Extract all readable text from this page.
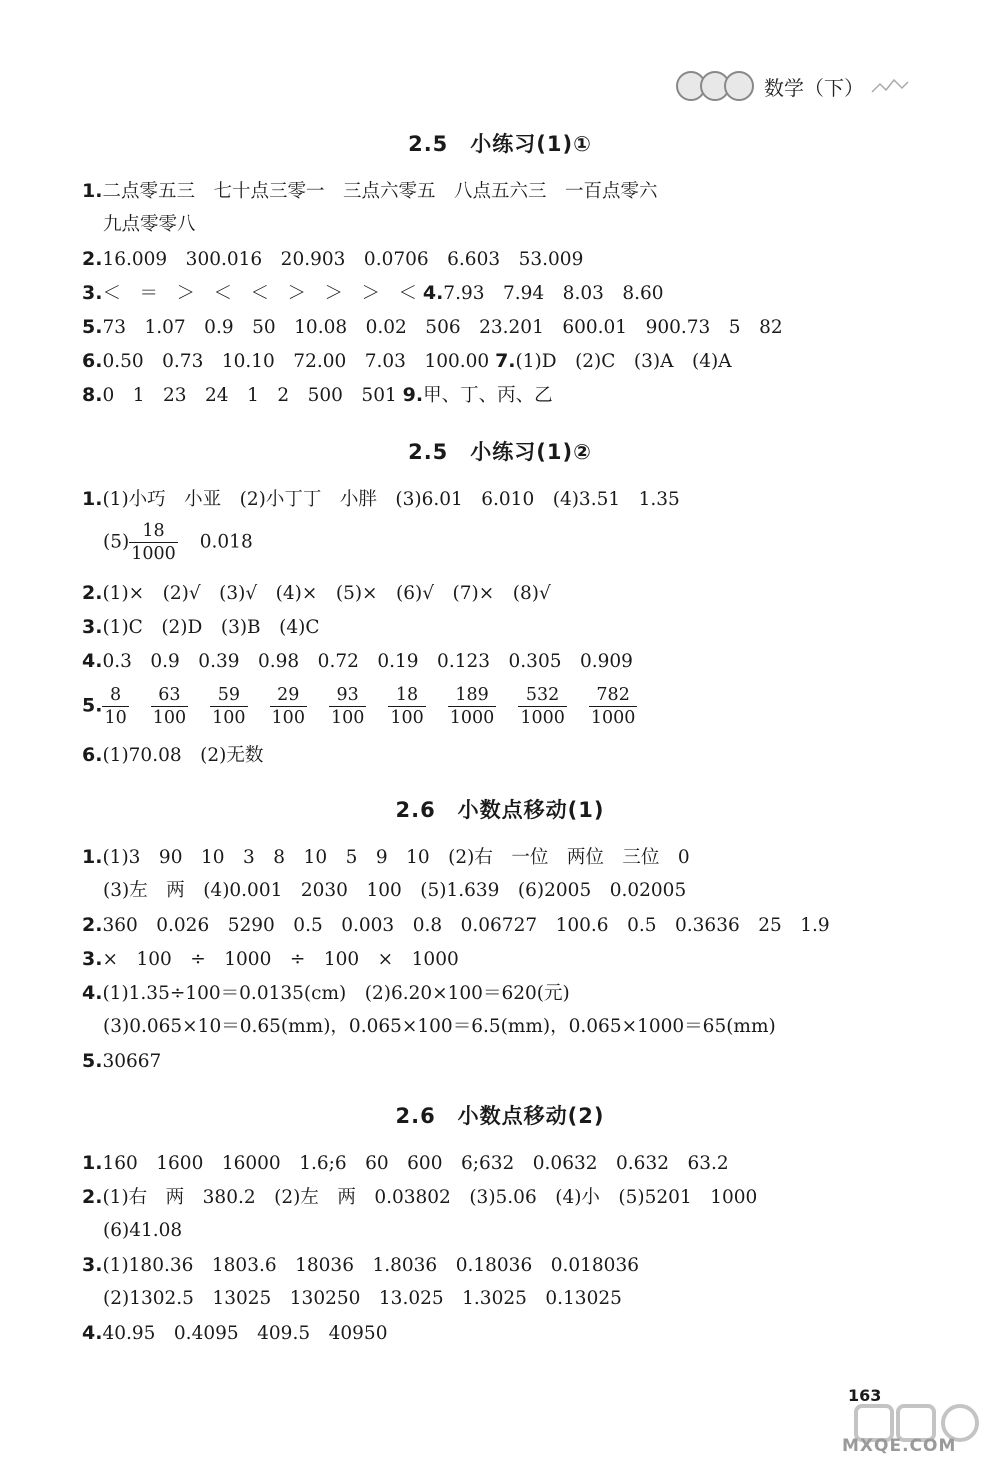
数学（下）
2.5　小练习(1)①
1.二点零五三　七十点三零一　三点六零五　八点五六三　一百点零六
九点零零八
2.16.009　300.016　20.903　0.0706　6.603　53.009
3.＜　＝　＞　＜　＜　＞　＞　＞　＜ 4.7.93　7.94　8.03　8.60
5.73　1.07　0.9　50　10.08　0.02　506　23.201　600.01　900.73　5　82
6.0.50　0.73　10.10　72.00　7.03　100.00 7.(1)D　(2)C　(3)A　(4)A
8.0　1　23　24　1　2　500　501 9.甲、丁、丙、乙
2.5　小练习(1)②
1.(1)小巧　小亚　(2)小丁丁　小胖　(3)6.01　6.010　(4)3.51　1.35
$(5) \frac{18}{1000} 0.018$
2.(1)×　(2)√　(3)√　(4)×　(5)×　(6)√　(7)×　(8)√
3.(1)C　(2)D　(3)B　(4)C
4.0.3　0.9　0.39　0.98　0.72　0.19　0.123　0.305　0.909
5. $\frac{8}{10} \frac{63}{100} \frac{59}{100} \frac{29}{100} \frac{93}{100} \frac{18}{100} \frac{189}{1000} \frac{532}{1000} \frac{782}{1000}$
6.(1)70.08　(2)无数
2.6　小数点移动(1)
1.(1)3　90　10　3　8　10　5　9　10　(2)右　一位　两位　三位　0
(3)左　两　(4)0.001　2030　100　(5)1.639　(6)2005　0.02005
2.360　0.026　5290　0.5　0.003　0.8　0.06727　100.6　0.5　0.3636　25　1.9
3.×　100　÷　1000　÷　100　×　1000
4.(1)1.35÷100＝0.0135(cm)　(2)6.20×100＝620(元)
(3)0.065×10＝0.65(mm)，0.065×100＝6.5(mm)，0.065×1000＝65(mm)
5.30667
2.6　小数点移动(2)
1.160　1600　16000　1.6;6　60　600　6;632　0.0632　0.632　63.2
2.(1)右　两　380.2　(2)左　两　0.03802　(3)5.06　(4)小　(5)5201　1000
(6)41.08
3.(1)180.36　1803.6　18036　1.8036　0.18036　0.018036
(2)1302.5　13025　130250　13.025　1.3025　0.13025
4.40.95　0.4095　409.5　40950
163
MXQE.COM
